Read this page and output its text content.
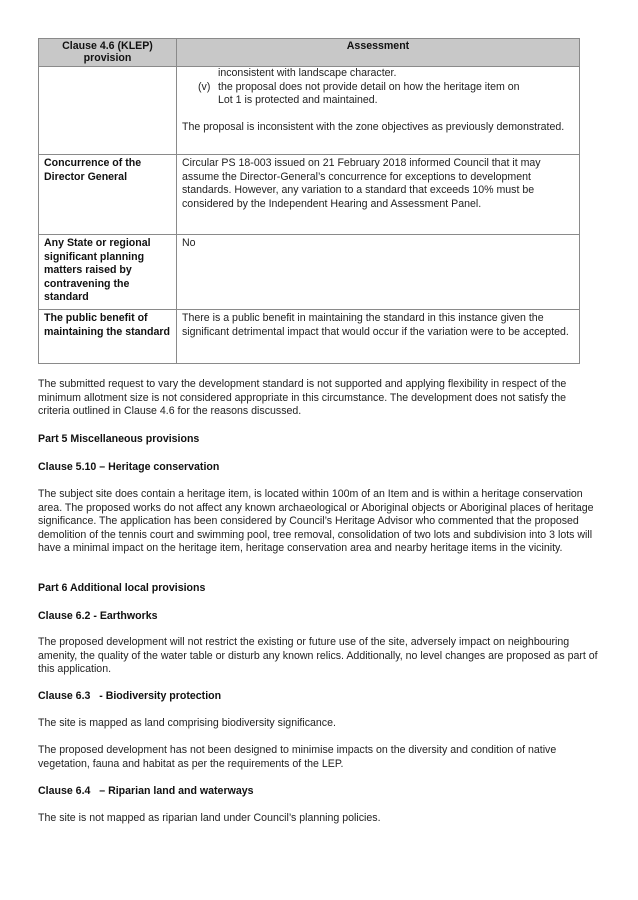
Clause 4.6 (KLEP) provision	Assessment

	inconsistent with landscape character.
(v) the proposal does not provide detail on how the heritage item on
Lot 1 is protected and maintained.
The proposal is inconsistent with the zone objectives as previously demonstrated.

Concurrence of the Director General	Circular PS 18-003 issued on 21 February 2018 informed Council that it may assume the Director-General’s concurrence for exceptions to development standards. However, any variation to a standard that exceeds 10% must be considered by the Independent Hearing and Assessment Panel.
Any State or regional significant planning matters raised by contravening the standard	No
The public benefit of maintaining the standard	There is a public benefit in maintaining the standard in this instance given the significant detrimental impact that would occur if the variation were to be accepted.
The submitted request to vary the development standard is not supported and applying flexibility in respect of the minimum allotment size is not considered appropriate in this circumstance. The development does not satisfy the criteria outlined in Clause 4.6 for the reasons discussed.
Part 5 Miscellaneous provisions
Clause 5.10 – Heritage conservation
The subject site does contain a heritage item, is located within 100m of an Item and is within a heritage conservation area. The proposed works do not affect any known archaeological or Aboriginal objects or Aboriginal places of heritage significance. The application has been considered by Council’s Heritage Advisor who commented that the proposed demolition of the tennis court and swimming pool, tree removal, consolidation of two lots and subdivision into 3 lots will have a minimal impact on the heritage item, heritage conservation area and nearby heritage items in the vicinity.
Part 6 Additional local provisions
Clause 6.2 - Earthworks
The proposed development will not restrict the existing or future use of the site, adversely impact on neighbouring amenity, the quality of the water table or disturb any known relics. Additionally, no level changes are proposed as part of this application.
Clause 6.3   - Biodiversity protection
The site is mapped as land comprising biodiversity significance.
The proposed development has not been designed to minimise impacts on the diversity and condition of native vegetation, fauna and habitat as per the requirements of the LEP.
Clause 6.4   – Riparian land and waterways
The site is not mapped as riparian land under Council’s planning policies.
